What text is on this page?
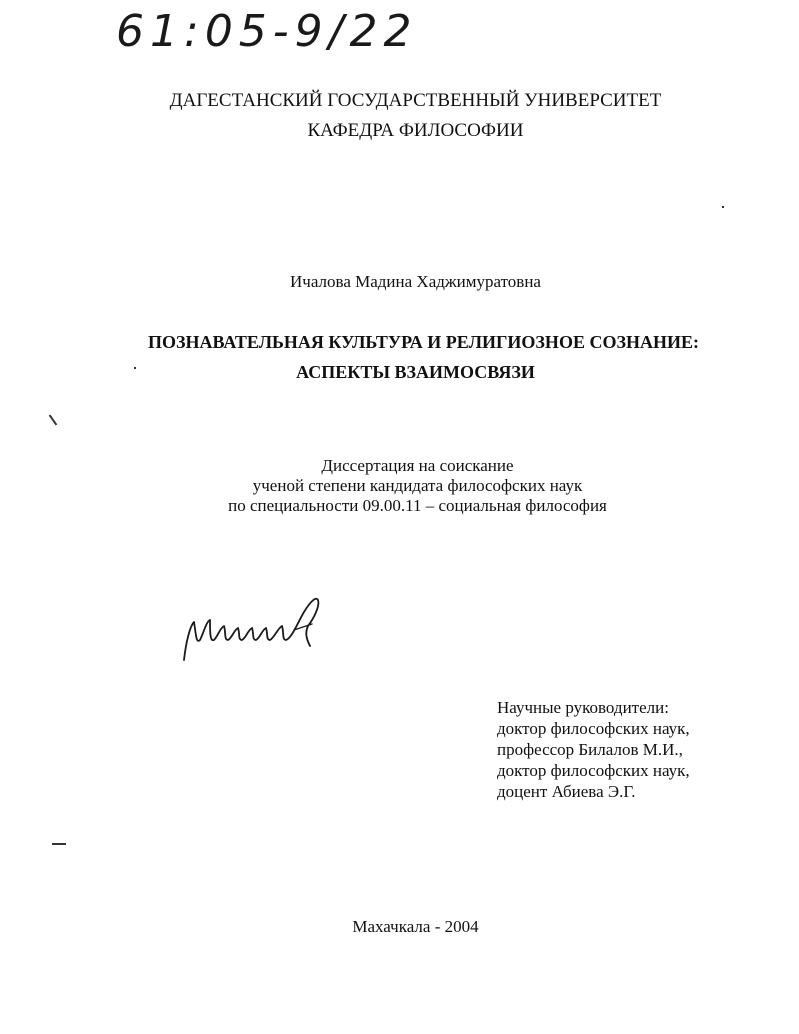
61:05-9/22
ДАГЕСТАНСКИЙ ГОСУДАРСТВЕННЫЙ УНИВЕРСИТЕТ
КАФЕДРА ФИЛОСОФИИ
Ичалова Мадина Хаджимуратовна
ПОЗНАВАТЕЛЬНАЯ КУЛЬТУРА И РЕЛИГИОЗНОЕ СОЗНАНИЕ:
АСПЕКТЫ ВЗАИМОСВЯЗИ
Диссертация на соискание
ученой степени кандидата философских наук
по специальности 09.00.11 – социальная философия
Научные руководители:
доктор философских наук,
профессор Билалов М.И.,
доктор философских наук,
доцент Абиева Э.Г.
Махачкала - 2004
